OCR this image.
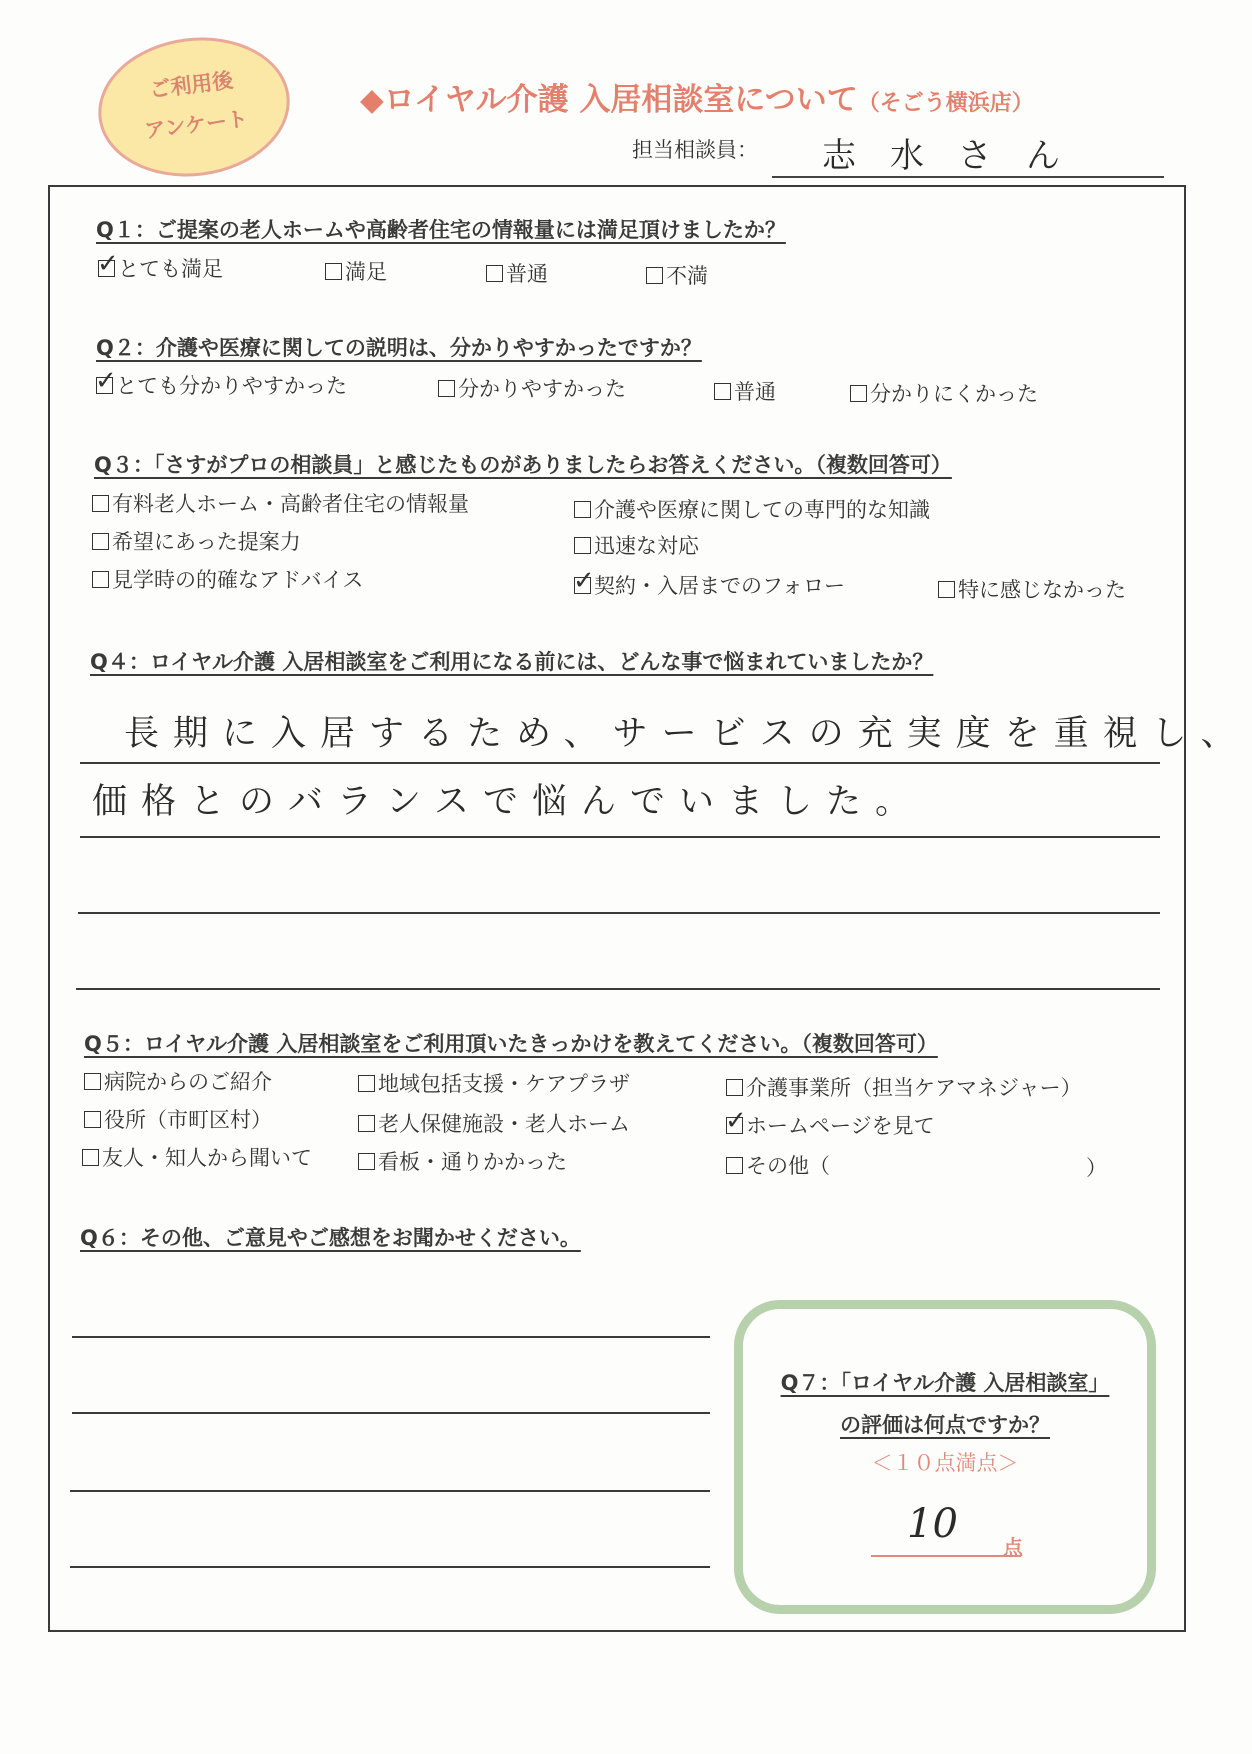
ご利用後
アンケート
◆ロイヤル介護 入居相談室について（そごう横浜店）
担当相談員： 志水さん
Q１：ご提案の老人ホームや高齢者住宅の情報量には満足頂けましたか？
✓ とても満足	満足	普通	不満
Q２：介護や医療に関しての説明は、分かりやすかったですか？
✓ とても分かりやすかった	分かりやすかった	普通	分かりにくかった
Q３：「さすがプロの相談員」と感じたものがありましたらお答えください。（複数回答可）
有料老人ホーム・高齢者住宅の情報量	介護や医療に関しての専門的な知識
希望にあった提案力	迅速な対応
見学時の的確なアドバイス	✓ 契約・入居までのフォロー	特に感じなかった
Q４：ロイヤル介護 入居相談室をご利用になる前には、どんな事で悩まれていましたか？
長期に入居するため、サービスの充実度を重視し、
価格とのバランスで悩んでいました。
Q５：ロイヤル介護 入居相談室をご利用頂いたきっかけを教えてください。（複数回答可）
病院からのご紹介	地域包括支援・ケアプラザ	介護事業所（担当ケアマネジャー）
役所（市町区村）	老人保健施設・老人ホーム	✓ ホームページを見て
友人・知人から聞いて	看板・通りかかった	その他（	）
Q６：その他、ご意見やご感想をお聞かせください。
Q７：「ロイヤル介護 入居相談室」
の評価は何点ですか？
＜１０点満点＞
10 点
